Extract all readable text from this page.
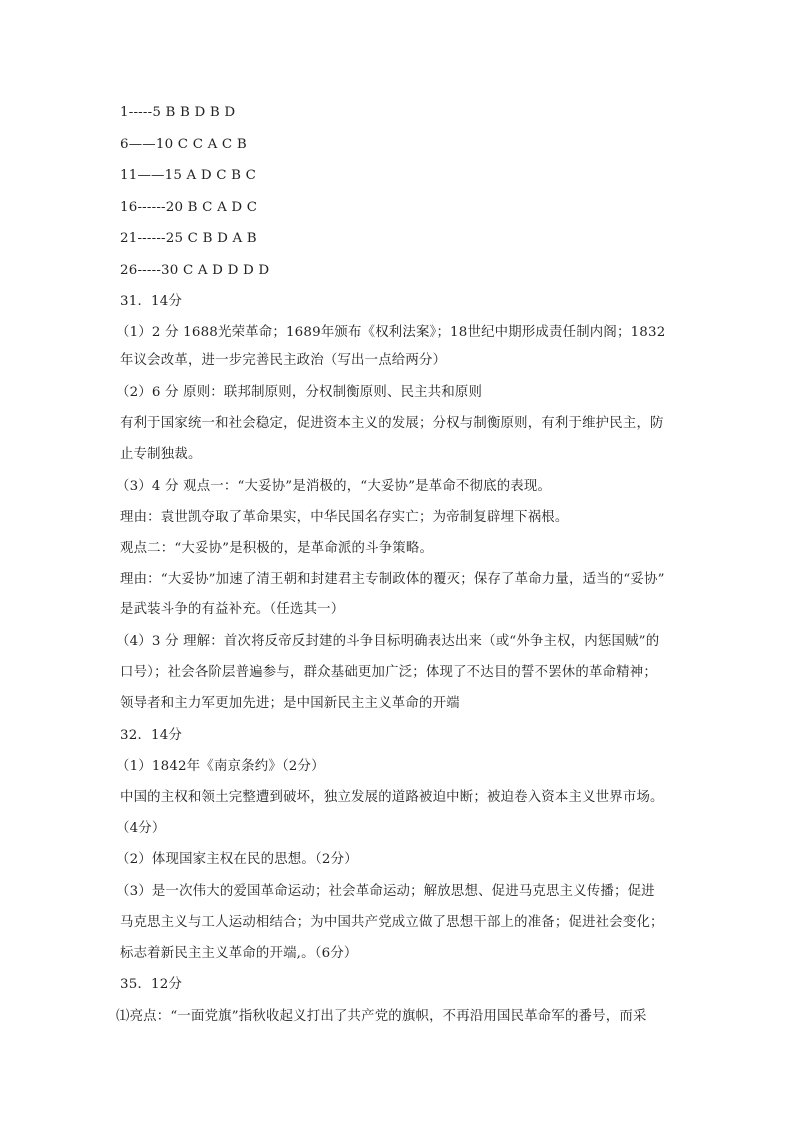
1-----5 B B D B D
6——10 C C A C B
11——15 A D C B C
16------20 B C A D C
21------25 C B D A B
26-----30 C A D D D D
31．14分
（1）2 分 1688光荣革命；1689年颁布《权利法案》；18世纪中期形成责任制内阁；1832
年议会改革，进一步完善民主政治（写出一点给两分）
（2）6 分 原则：联邦制原则，分权制衡原则、民主共和原则
有利于国家统一和社会稳定，促进资本主义的发展；分权与制衡原则，有利于维护民主，防
止专制独裁。
（3）4 分 观点一：“大妥协”是消极的，“大妥协”是革命不彻底的表现。
理由：袁世凯夺取了革命果实，中华民国名存实亡；为帝制复辟埋下祸根。
观点二：“大妥协”是积极的，是革命派的斗争策略。
理由：“大妥协”加速了清王朝和封建君主专制政体的覆灭；保存了革命力量，适当的“妥协”
是武装斗争的有益补充。（任选其一）
（4）3 分 理解：首次将反帝反封建的斗争目标明确表达出来（或“外争主权，内惩国贼”的
口号）；社会各阶层普遍参与，群众基础更加广泛；体现了不达目的誓不罢休的革命精神；
领导者和主力军更加先进；是中国新民主主义革命的开端
32．14分
（1）1842年《南京条约》（2分）
中国的主权和领土完整遭到破坏，独立发展的道路被迫中断；被迫卷入资本主义世界市场。
（4分）
（2）体现国家主权在民的思想。（2分）
（3）是一次伟大的爱国革命运动；社会革命运动；解放思想、促进马克思主义传播；促进
马克思主义与工人运动相结合；为中国共产党成立做了思想干部上的准备；促进社会变化；
标志着新民主主义革命的开端,。（6分）
35．12分
⑴亮点：“一面党旗”指秋收起义打出了共产党的旗帜，不再沿用国民革命军的番号，而采
